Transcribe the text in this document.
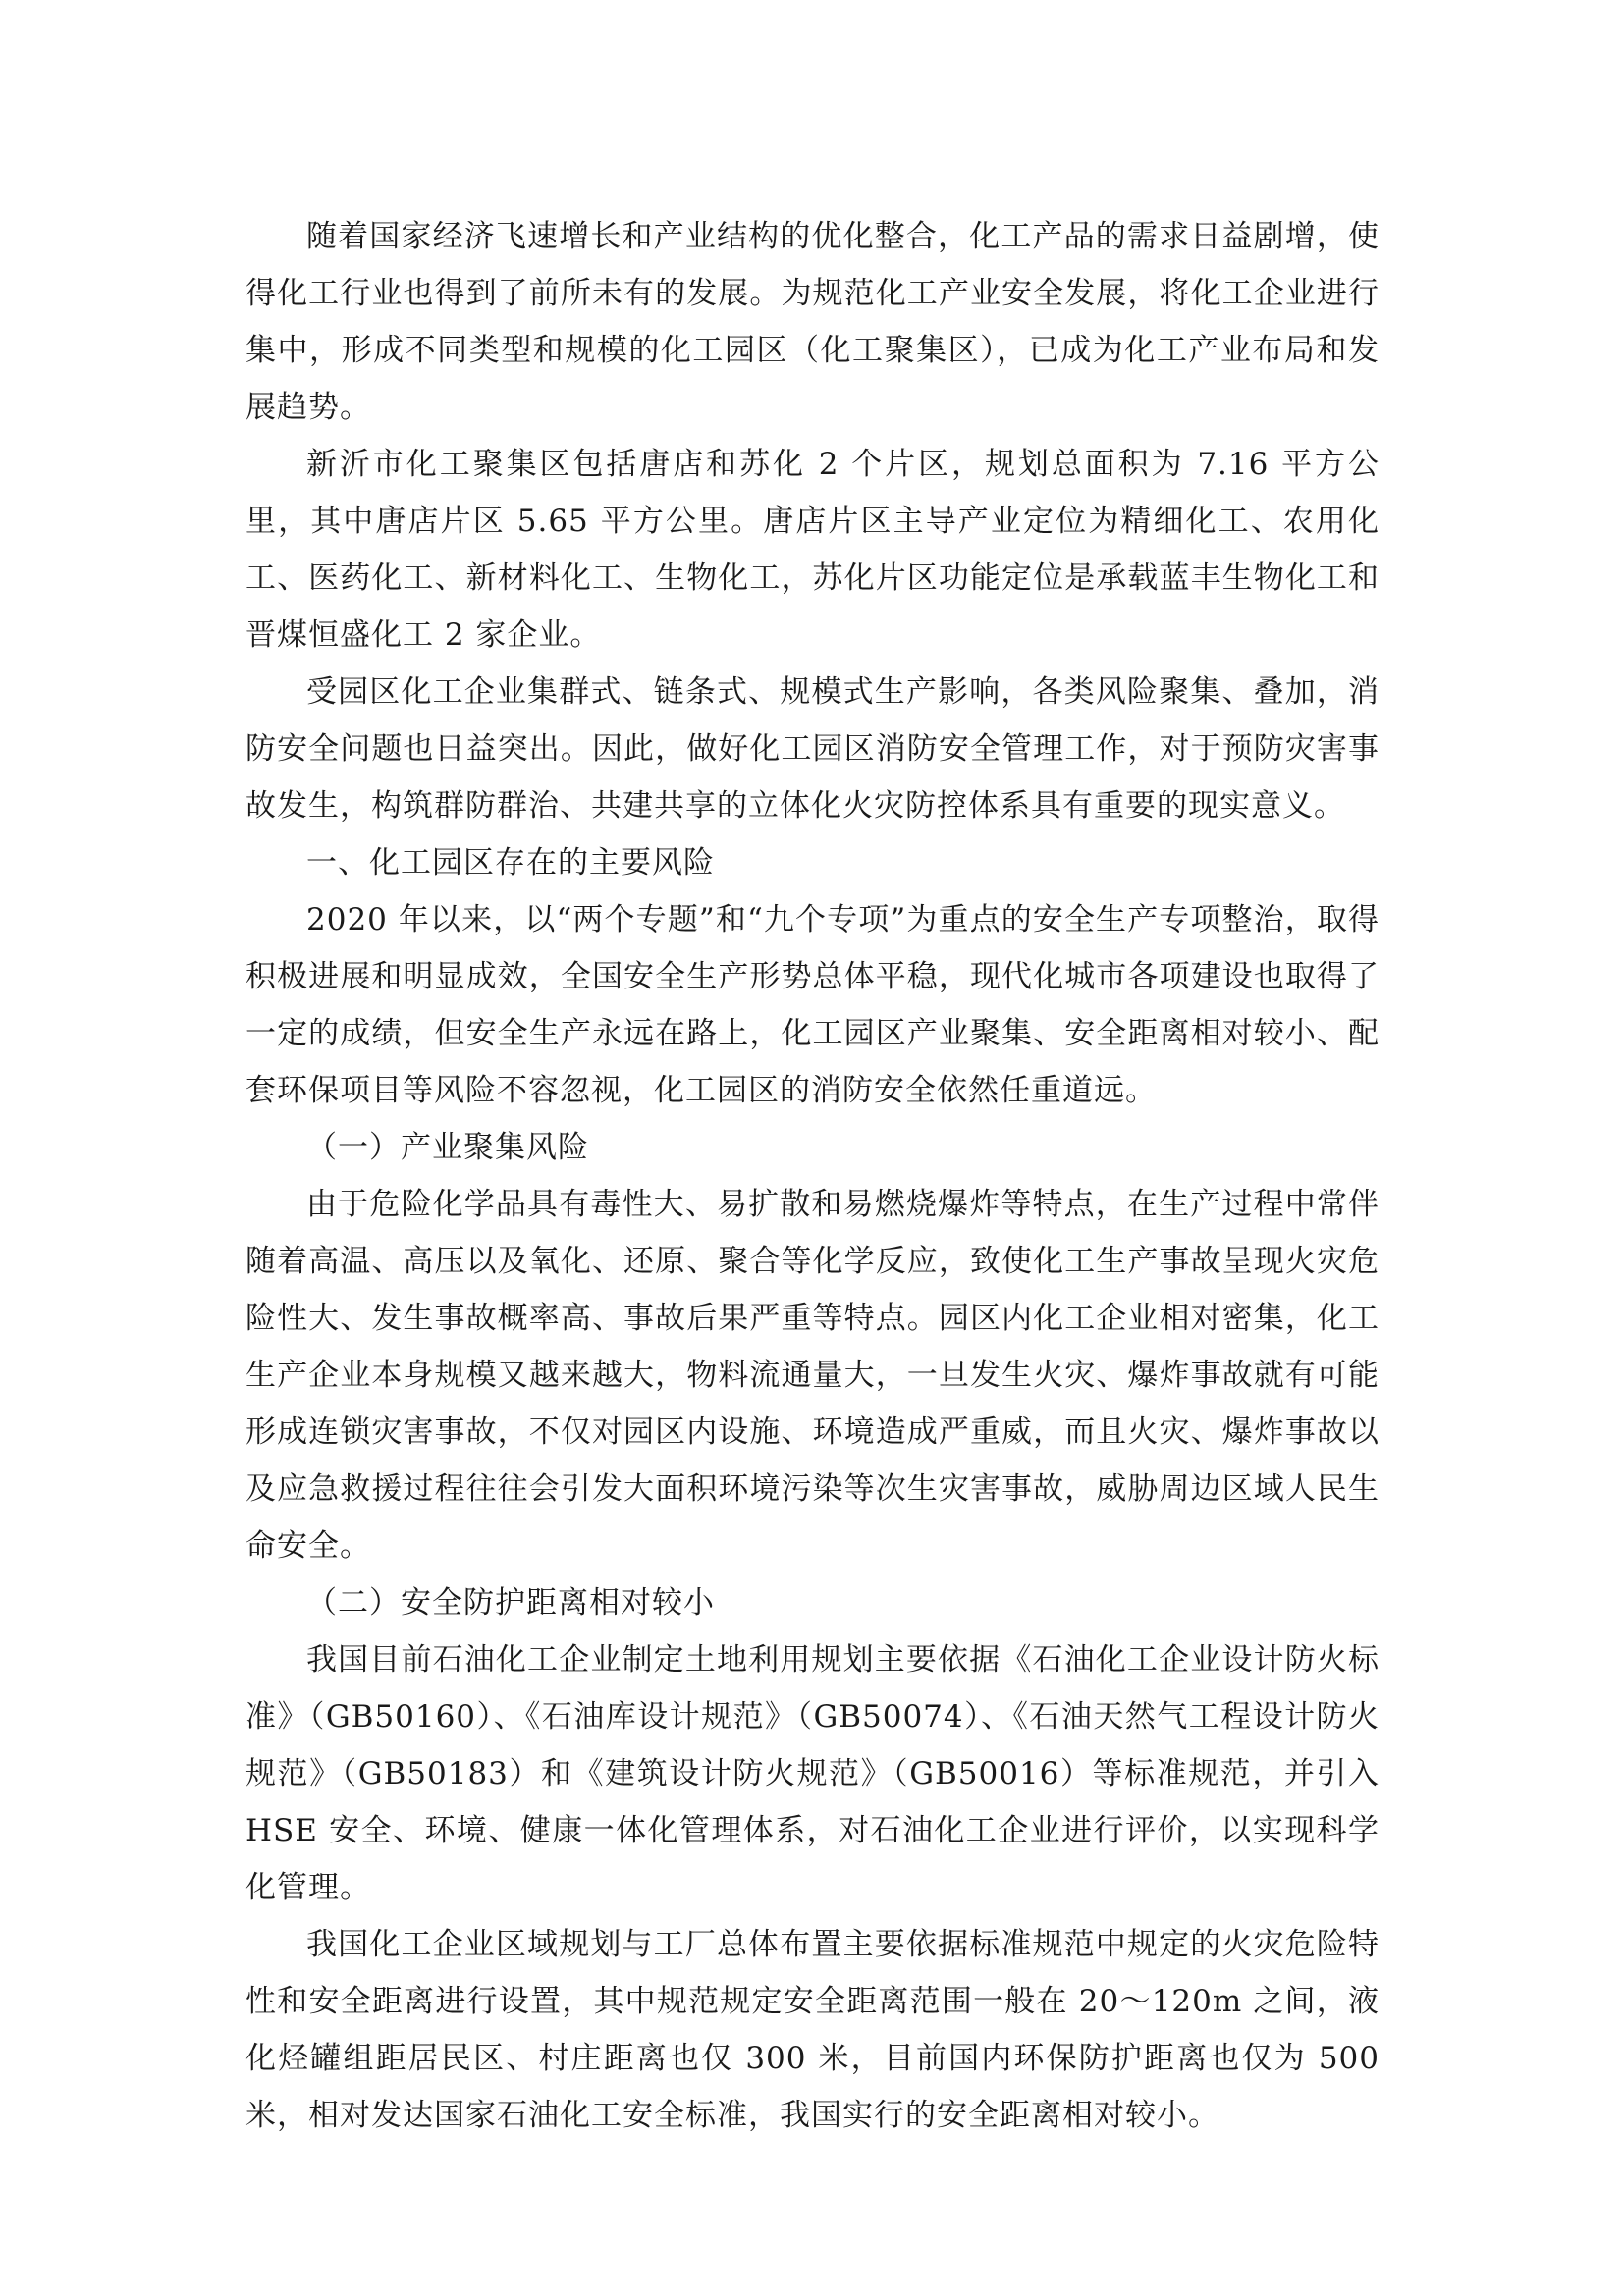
随着国家经济飞速增长和产业结构的优化整合，化工产品的需求日益剧增，使得化工行业也得到了前所未有的发展。为规范化工产业安全发展，将化工企业进行集中，形成不同类型和规模的化工园区（化工聚集区），已成为化工产业布局和发展趋势。

新沂市化工聚集区包括唐店和苏化 2 个片区，规划总面积为 7.16 平方公里，其中唐店片区 5.65 平方公里。唐店片区主导产业定位为精细化工、农用化工、医药化工、新材料化工、生物化工，苏化片区功能定位是承载蓝丰生物化工和晋煤恒盛化工 2 家企业。

受园区化工企业集群式、链条式、规模式生产影响，各类风险聚集、叠加，消防安全问题也日益突出。因此，做好化工园区消防安全管理工作，对于预防灾害事故发生，构筑群防群治、共建共享的立体化火灾防控体系具有重要的现实意义。

一、化工园区存在的主要风险

2020 年以来，以“两个专题”和“九个专项”为重点的安全生产专项整治，取得积极进展和明显成效，全国安全生产形势总体平稳，现代化城市各项建设也取得了一定的成绩，但安全生产永远在路上，化工园区产业聚集、安全距离相对较小、配套环保项目等风险不容忽视，化工园区的消防安全依然任重道远。

（一）产业聚集风险

由于危险化学品具有毒性大、易扩散和易燃烧爆炸等特点，在生产过程中常伴随着高温、高压以及氧化、还原、聚合等化学反应，致使化工生产事故呈现火灾危险性大、发生事故概率高、事故后果严重等特点。园区内化工企业相对密集，化工生产企业本身规模又越来越大，物料流通量大，一旦发生火灾、爆炸事故就有可能形成连锁灾害事故，不仅对园区内设施、环境造成严重威，而且火灾、爆炸事故以及应急救援过程往往会引发大面积环境污染等次生灾害事故，威胁周边区域人民生命安全。

（二）安全防护距离相对较小

我国目前石油化工企业制定土地利用规划主要依据《石油化工企业设计防火标准》（GB50160）、《石油库设计规范》（GB50074）、《石油天然气工程设计防火规范》（GB50183）和《建筑设计防火规范》（GB50016）等标准规范，并引入 HSE 安全、环境、健康一体化管理体系，对石油化工企业进行评价，以实现科学化管理。

我国化工企业区域规划与工厂总体布置主要依据标准规范中规定的火灾危险特性和安全距离进行设置，其中规范规定安全距离范围一般在 20～120m 之间，液化烃罐组距居民区、村庄距离也仅 300 米，目前国内环保防护距离也仅为 500 米，相对发达国家石油化工安全标准，我国实行的安全距离相对较小。
